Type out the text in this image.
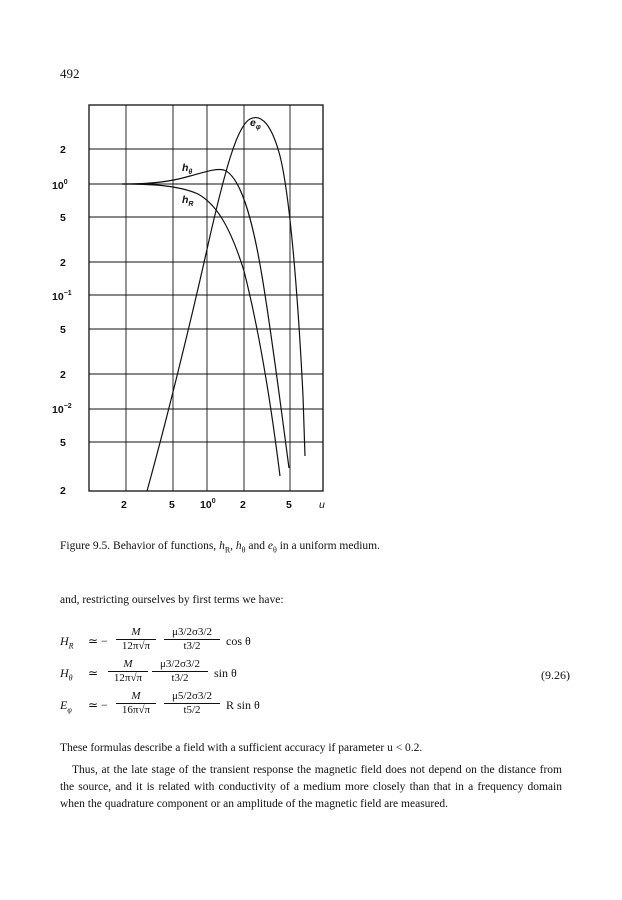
492
2
$10^0$
5
2
$10^{-1}$
5
2
$10^{-2}$
5
2
2	5 $10^0$ 2	5	u
$e_\varphi$
$h_\theta$
$h_R$
Figure 9.5. Behavior of functions, $h_R$, $h_\theta$ and $e_\theta$ in a uniform medium.
and, restricting ourselves by first terms we have:
$H_R$ ≃ − $\frac{M}{12\pi√\pi} \frac{\mu 3/2\sigma 3/2}{t3/2}$ cos θ
$H_\theta$ ≃ $\frac{M}{12\pi√\pi} \frac{\mu 3/2\sigma 3/2}{t3/2}$ sin θ
$E_\varphi$ ≃ − $\frac{M}{16\pi√\pi} \frac{\mu 5/2\sigma 3/2}{t5/2}$ R sin θ
(9.26)
These formulas describe a field with a sufficient accuracy if parameter u < 0.2.
Thus, at the late stage of the transient response the magnetic field does not depend on the distance from the source, and it is related with conductivity of a medium more closely than that in a frequency domain when the quadrature component or an amplitude of the magnetic field are measured.
